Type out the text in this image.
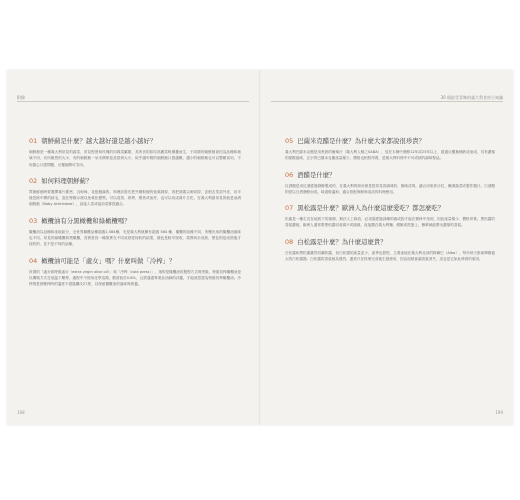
附錄
01 朝鮮薊是什麼？越大越好還是越小越好？

朝鮮薊是一種義大利常見的蔬菜，常見程度和玫瑰的同義菜屬類，其所状的如同高麗菜般層疊而生，不同類的朝鮮薊會因為品種和地域不同，有所販售的大小，有的朝鮮薊一朵未開即是品嘗到大小，似乎越年輕的朝鮮薊口感越嫩，越小的朝鮮薊也可以整顆食用，不用擔心口感問題，反覆剝開可享用。

02 如何料理朝鮮薊？

買朝鮮薊時要選擇葉片緊密、沉甸甸、花苞飽滿的。料理前需先把外層較硬的苞葉剝掉，再把頂端尖刺切掉，並削去莖部外皮，切半後挖除中間的絨毛，泡在檸檬水裡以免氧化變黑。可以清蒸、烘烤、燉煮或油炸，也可以切成薄片生吃，在義大利最常見的就是油漬朝鮮薊（Baby Artichokes），直接入菜或當前菜都很適合。

03 橄欖油有分黑橄欖和綠橄欖嗎？

橄欖油以品種和產地區分，全世界橄欖品種超過1,584種，光是義大利就擁有超過 584 種，橄欖的品種不同，所壓出來的橄欖油風味也不同。常見的綠橄欖和黑橄欖，其實是同一種果實在不同成熟度採收的結果，綠色是較早採收、果實尚未成熟，黑色則是成熟後才採收的，並不是不同的品種。

04 橄欖油可能是「處女」嗎？什麼叫做「冷榨」？

所謂的「處女和特級處女（extra virgin olive oil）」和「冷榨（cold press）」，指的是橄欖油的製程方式與等級。特級初榨橄欖油是以機械方式在低溫下壓榨，過程中不使用化學溶劑，酸度低於0.8%，且需通過專業品油師的評鑑，才能被認證為特級初榨橄欖油。冷榨則是指壓榨時的溫度不超過攝氏27度，以保留橄欖油的風味與營養。

198
30 個最受青睞的義大利食材小知識
05 巴薩米克醋是什麼？為什麼大家都說很珍貴？

義大利巴薩米克醋是用煮熟的葡萄汁（義大利人稱之SABA），放在木桶中發酵12年或25年以上，經過反覆換桶熟成而成，具有濃郁的甜酸風味，正宗的巴薩米克醋產量稀少，價格也相對昂貴，是義大利料理中不可或缺的調味聖品。

06 酒醋是什麼？

紅酒醋是用紅酒經過發酵製成的，在義大利的廚房裡是很常見的調味料，酸味清爽，適合用來拌沙拉、醃漬蔬菜或製作醬汁。白酒醋則是以白酒發酵而成，味道較溫和，適合搭配海鮮與清淡的料理使用。

07 黑松露是什麼？歐洲人為什麼這麼愛吃？都怎麼吃？

松露是一種生長在地底下的菌類，無法人工栽培，必須靠經過訓練的豬或狗才能在樹林中找到，因此產量稀少、價格昂貴。黑松露的香氣濃郁，歐洲人通常將黑松露切成薄片或刨絲，直接撒在義大利麵、燉飯或煎蛋上，簡單就能帶出濃厚的香氣。

08 白松露是什麼？為什麼這麼貴？

白松露和黑松露雖然同屬松露，但白松露的產量更少，產季也很短，主要產地在義大利北部的阿爾巴（Alba），每年秋天都會舉辦盛大的白松露節。白松露的香氣極為強烈，通常只在料理完成後生刨使用，因為加熱會讓香氣消失，這也是它如此珍貴的原因。

199
